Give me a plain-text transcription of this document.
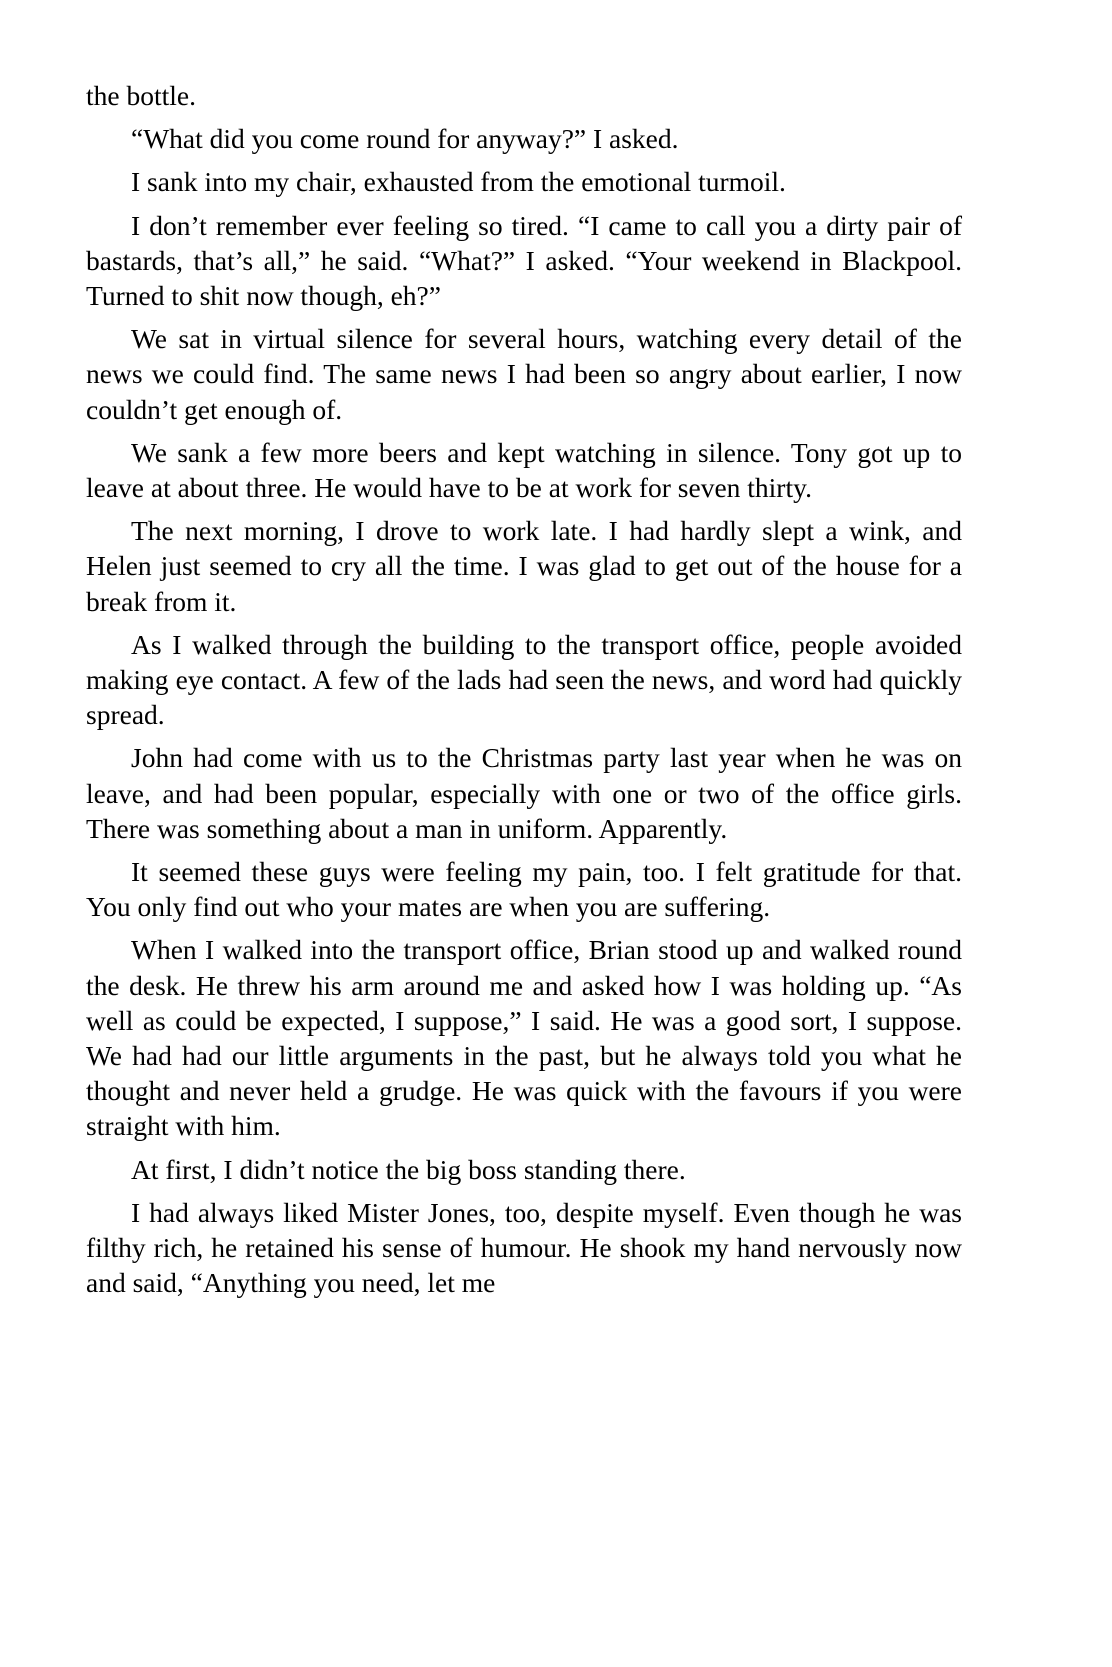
the bottle.

“What did you come round for anyway?” I asked.

I sank into my chair, exhausted from the emotional turmoil.

I don’t remember ever feeling so tired. “I came to call you a dirty pair of bastards, that’s all,” he said. “What?” I asked. “Your weekend in Blackpool. Turned to shit now though, eh?”

We sat in virtual silence for several hours, watching every detail of the news we could find. The same news I had been so angry about earlier, I now couldn’t get enough of.

We sank a few more beers and kept watching in silence. Tony got up to leave at about three. He would have to be at work for seven thirty.

The next morning, I drove to work late. I had hardly slept a wink, and Helen just seemed to cry all the time. I was glad to get out of the house for a break from it.

As I walked through the building to the transport office, people avoided making eye contact. A few of the lads had seen the news, and word had quickly spread.

John had come with us to the Christmas party last year when he was on leave, and had been popular, especially with one or two of the office girls. There was something about a man in uniform. Apparently.

It seemed these guys were feeling my pain, too. I felt gratitude for that. You only find out who your mates are when you are suffering.

When I walked into the transport office, Brian stood up and walked round the desk. He threw his arm around me and asked how I was holding up. “As well as could be expected, I suppose,” I said. He was a good sort, I suppose. We had had our little arguments in the past, but he always told you what he thought and never held a grudge. He was quick with the favours if you were straight with him.

At first, I didn’t notice the big boss standing there.

I had always liked Mister Jones, too, despite myself. Even though he was filthy rich, he retained his sense of humour. He shook my hand nervously now and said, “Anything you need, let me
